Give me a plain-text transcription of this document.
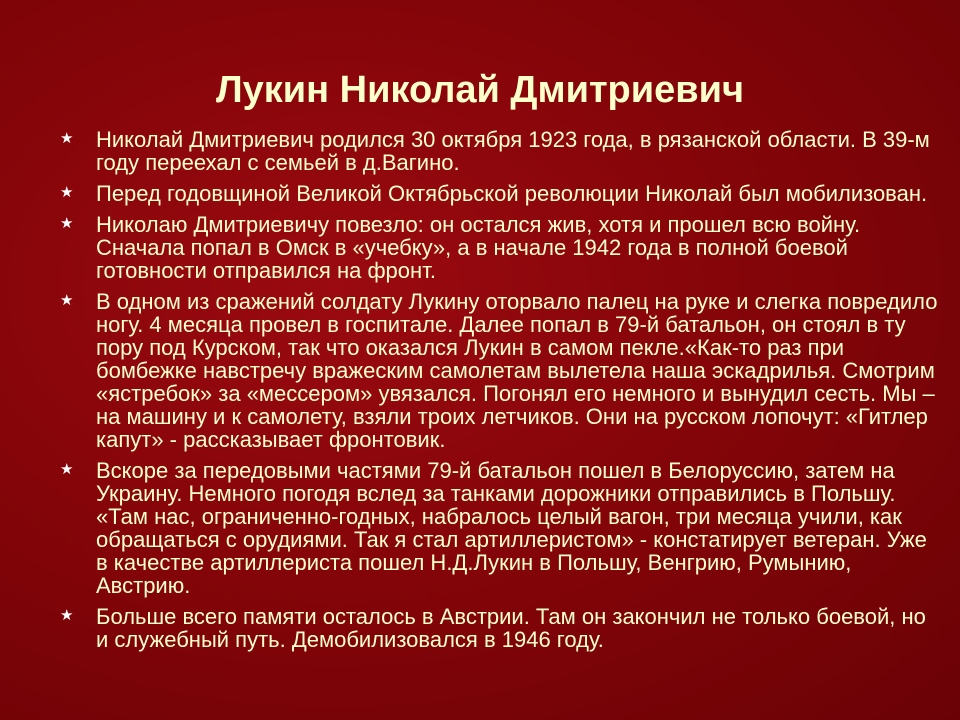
Лукин Николай Дмитриевич
★ Николай Дмитриевич родился 30 октября 1923 года, в рязанской области. В 39-м году переехал с семьей в д.Вагино.
★ Перед годовщиной Великой Октябрьской революции Николай был мобилизован.
★ Николаю Дмитриевичу повезло: он остался жив, хотя и прошел всю войну. Сначала попал в Омск в «учебку», а в начале 1942 года в полной боевой готовности отправился на фронт.
★ В одном из сражений солдату Лукину оторвало палец на руке и слегка повредило ногу. 4 месяца провел в госпитале. Далее попал в 79-й батальон, он стоял в ту пору под Курском, так что оказался Лукин в самом пекле.«Как-то раз при бомбежке навстречу вражеским самолетам вылетела наша эскадрилья. Смотрим «ястребок» за «мессером» увязался. Погонял его немного и вынудил сесть. Мы – на машину и к самолету, взяли троих летчиков. Они на русском лопочут: «Гитлер капут» - рассказывает фронтовик.
★ Вскоре за передовыми частями 79-й батальон пошел в Белоруссию, затем на Украину. Немного погодя вслед за танками дорожники отправились в Польшу. «Там нас, ограниченно-годных, набралось целый вагон, три месяца учили, как обращаться с орудиями. Так я стал артиллеристом» - констатирует ветеран. Уже в качестве артиллериста пошел Н.Д.Лукин в Польшу, Венгрию, Румынию, Австрию.
★ Больше всего памяти осталось в Австрии. Там он закончил не только боевой, но и служебный путь. Демобилизовался в 1946 году.
